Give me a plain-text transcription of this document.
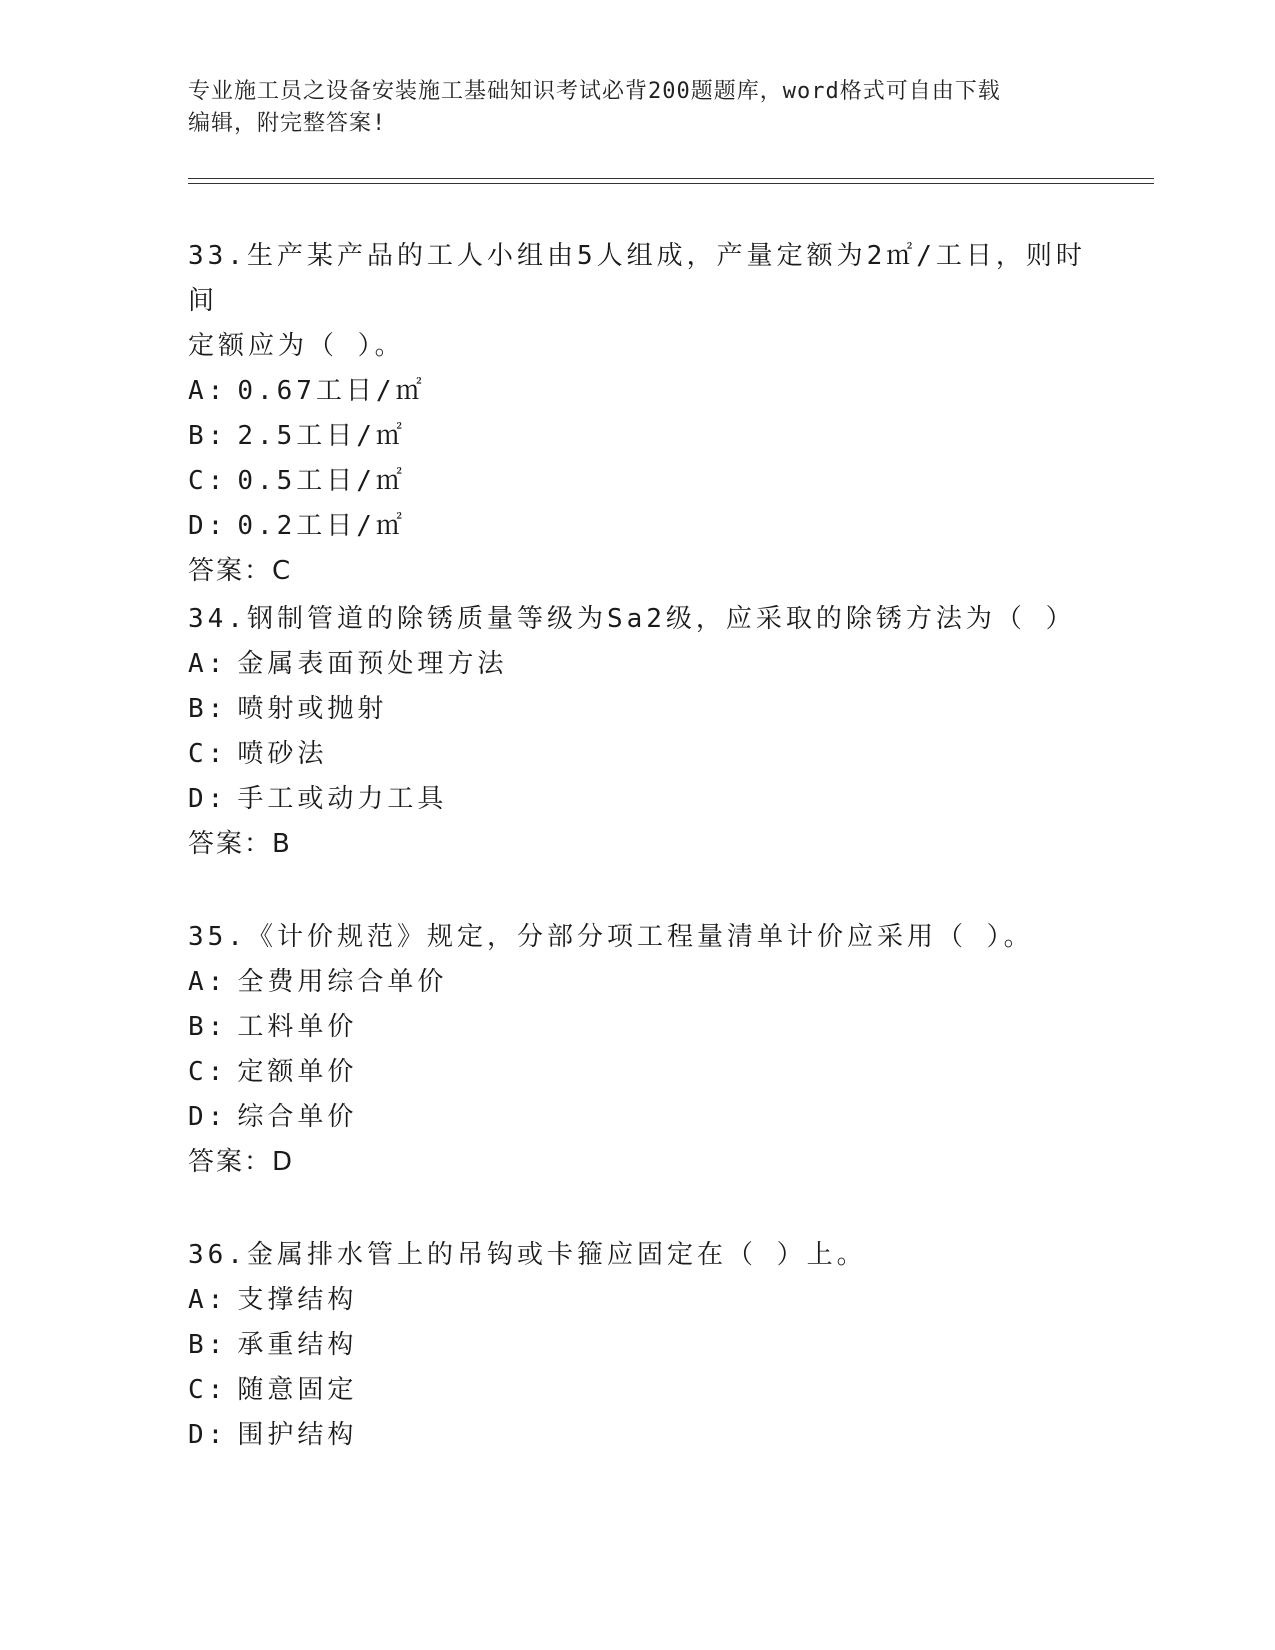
专业施工员之设备安装施工基础知识考试必背200题题库，word格式可自由下载
编辑，附完整答案!

33.生产某产品的工人小组由5人组成，产量定额为2㎡/工日，则时间

定额应为（ ）。

A: 0.67工日/㎡

B: 2.5工日/㎡

C: 0.5工日/㎡

D: 0.2工日/㎡

答案：C

34.钢制管道的除锈质量等级为Sa2级，应采取的除锈方法为（ ）

A: 金属表面预处理方法

B: 喷射或抛射

C: 喷砂法

D: 手工或动力工具

答案：B

35.《计价规范》规定，分部分项工程量清单计价应采用（ ）。

A: 全费用综合单价

B: 工料单价

C: 定额单价

D: 综合单价

答案：D

36.金属排水管上的吊钩或卡箍应固定在（ ）上。

A: 支撑结构

B: 承重结构

C: 随意固定

D: 围护结构
